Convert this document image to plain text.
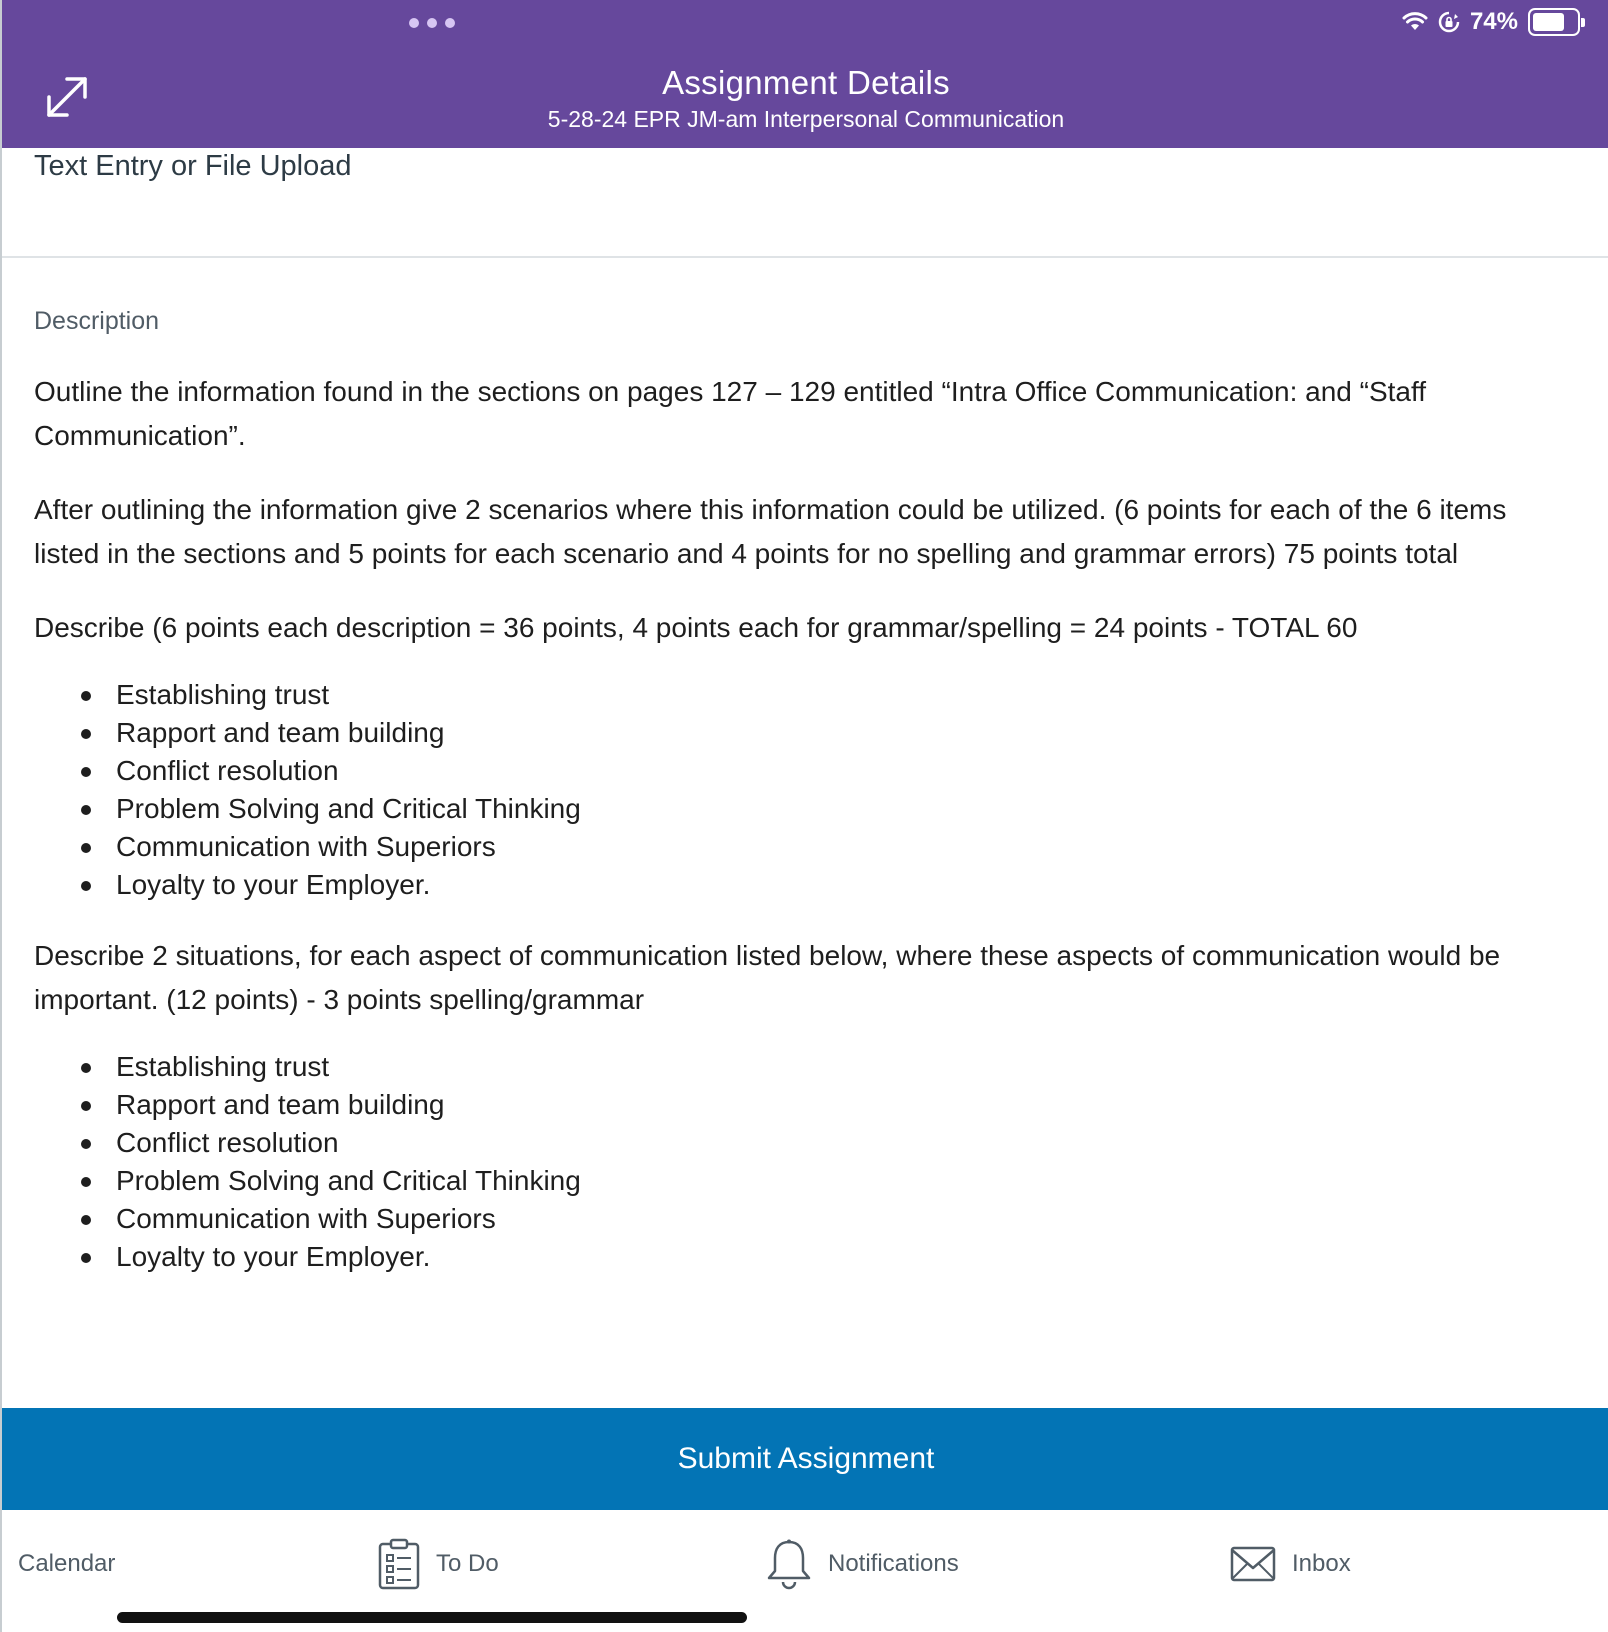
74%
Assignment Details
5-28-24 EPR JM-am Interpersonal Communication
Text Entry or File Upload
Description

Outline the information found in the sections on pages 127 – 129 entitled “Intra Office Communication: and “Staff Communication”.

After outlining the information give 2 scenarios where this information could be utilized. (6 points for each of the 6 items listed in the sections and 5 points for each scenario and 4 points for no spelling and grammar errors) 75 points total

Describe (6 points each description = 36 points, 4 points each for grammar/spelling = 24 points - TOTAL 60

Establishing trust
Rapport and team building
Conflict resolution
Problem Solving and Critical Thinking
Communication with Superiors
Loyalty to your Employer.

Describe 2 situations, for each aspect of communication listed below, where these aspects of communication would be important. (12 points) - 3 points spelling/grammar

Establishing trust
Rapport and team building
Conflict resolution
Problem Solving and Critical Thinking
Communication with Superiors
Loyalty to your Employer.
Submit Assignment
Calendar	To Do	Notifications	Inbox
